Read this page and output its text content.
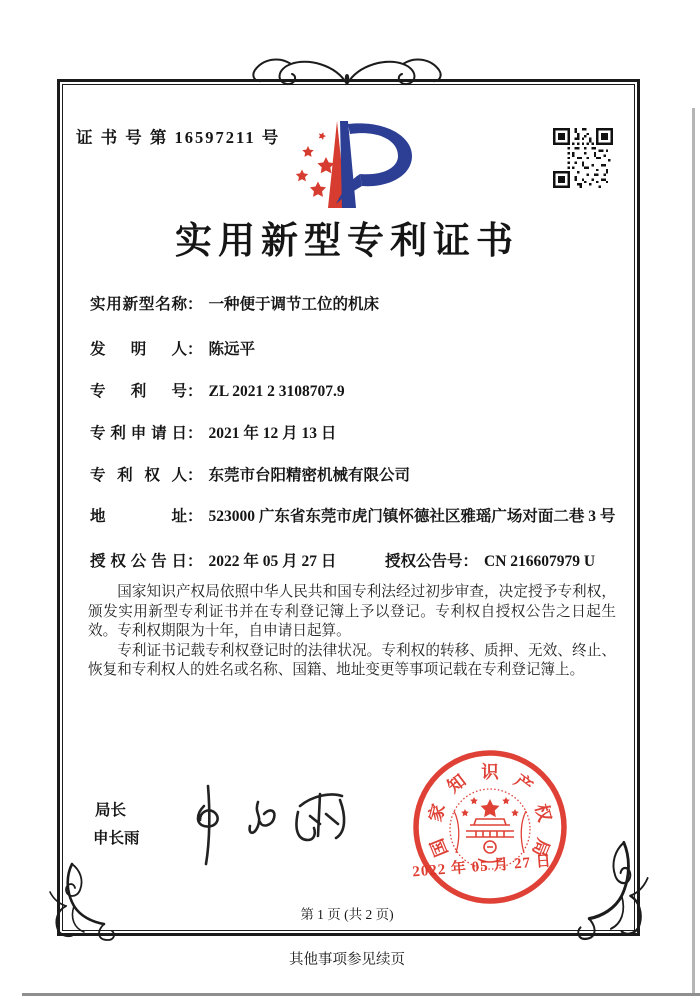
证 书 号 第 16597211 号
实用新型专利证书
实用新型名称 ： 一种便于调节工位的机床
发　明　人 ： 陈远平
专　利　号 ： ZL 2021 2 3108707.9
专利申请日 ： 2021 年 12 月 13 日
专 利 权 人 ： 东莞市台阳精密机械有限公司
地　　　址 ： 523000 广东省东莞市虎门镇怀德社区雅瑶广场对面二巷 3 号
授权公告日 ： 2022 年 05 月 27 日	授权公告号 ： CN 216607979 U

国家知识产权局依照中华人民共和国专利法经过初步审查，决定授予专利权，颁发实用新型专利证书并在专利登记簿上予以登记。专利权自授权公告之日起生效。专利权期限为十年，自申请日起算。

专利证书记载专利权登记时的法律状况。专利权的转移、质押、无效、终止、恢复和专利权人的姓名或名称、国籍、地址变更等事项记载在专利登记簿上。

局长
申长雨	国
家
知 识 产
权
局
2022 年 05 月 27 日
第 1 页 (共 2 页)
其他事项参见续页
